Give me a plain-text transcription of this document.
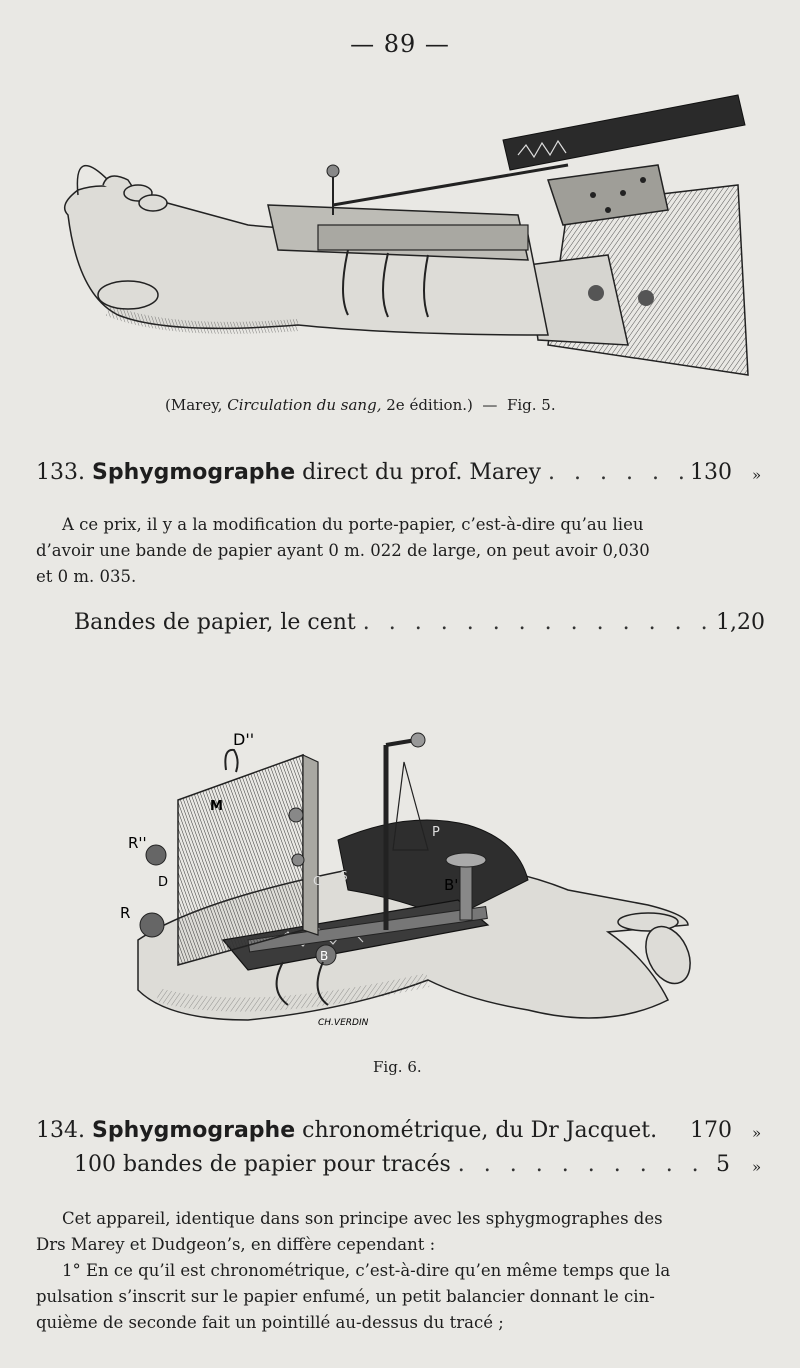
— 89 —
(Marey, Circulation du sang, 2e édition.) — Fig. 5.
133. Sphygmographe direct du prof. Marey . . . . . . 130 »
A ce prix, il y a la modification du porte-papier, c’est-à-dire qu’au lieu
d’avoir une bande de papier ayant 0 m. 022 de large, on peut avoir 0,030
et 0 m. 035.
Bandes de papier, le cent . . . . . . . . . . . . . . 1,20
D''
M
R''
D
R
P
B'
B
C S
CH.VERDIN
Fig. 6.
134. Sphygmographe chronométrique, du Dr Jacquet. 170 »
100 bandes de papier pour tracés . . . . . . . . . . 5 »
Cet appareil, identique dans son principe avec les sphygmographes des
Drs Marey et Dudgeon’s, en diffère cependant :
1° En ce qu’il est chronométrique, c’est-à-dire qu’en même temps que la
pulsation s’inscrit sur le papier enfumé, un petit balancier donnant le cin-
quième de seconde fait un pointillé au-dessus du tracé ;
